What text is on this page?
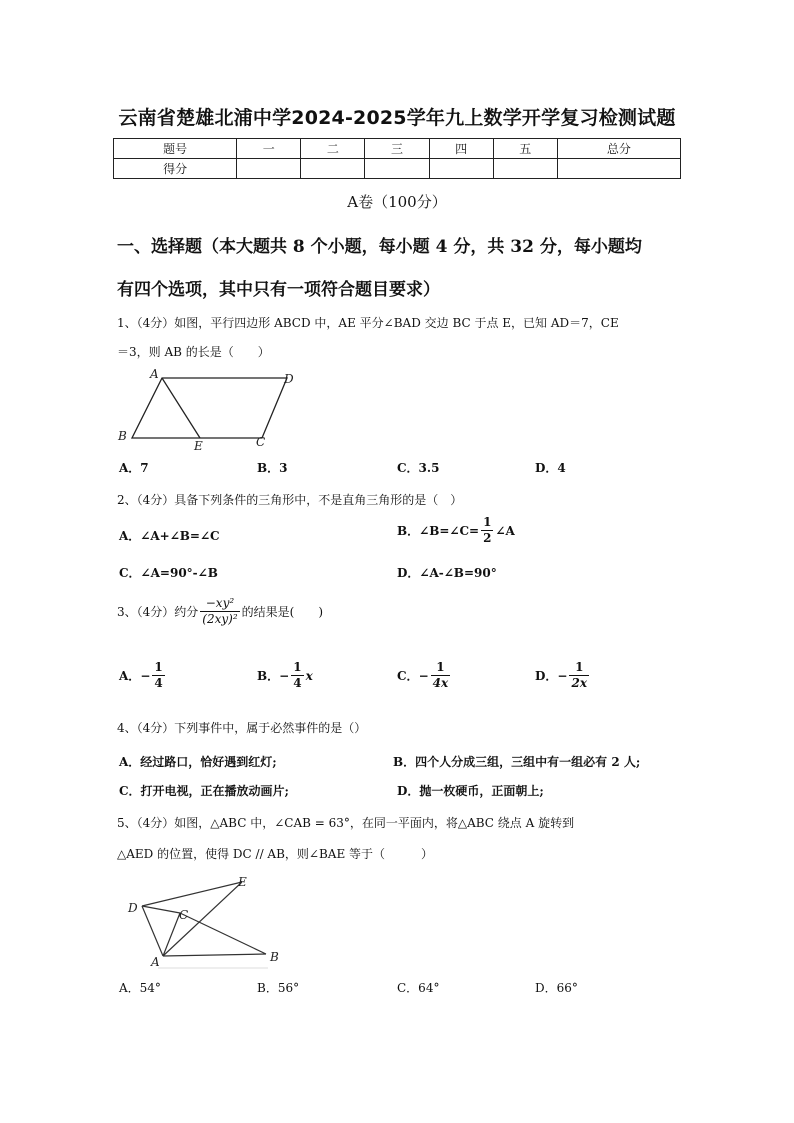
云南省楚雄北浦中学2024-2025学年九上数学开学复习检测试题
题号	一	二	三	四	五	总分
得分						
A卷（100分）
一、选择题（本大题共 8 个小题，每小题 4 分，共 32 分，每小题均
有四个选项，其中只有一项符合题目要求）
1、（4分）如图，平行四边形 ABCD 中，AE 平分∠BAD 交边 BC 于点 E，已知 AD＝7，CE
＝3，则 AB 的长是（　　）
A	D
B
E	C
A．7	B．3	C．3.5	D．4
2、（4分）具备下列条件的三角形中，不是直角三角形的是（　）
A．∠A+∠B=∠C	B．∠B=∠C= $\frac{1}{2}$ ∠A
C．∠A=90°-∠B	D．∠A-∠B=90°
3、（4分）约分 $\frac{\text{−xy²}}{\text{(2xy)²}}$ 的结果是(　　)
A． − $\frac{1}{4}$	B． − $\frac{1}{4}$ x	C． − $\frac{1}{4x}$	D． − $\frac{1}{2x}$
4、（4分）下列事件中，属于必然事件的是（）
A．经过路口，恰好遇到红灯;	B．四个人分成三组，三组中有一组必有 2 人;
C．打开电视，正在播放动画片;	D．抛一枚硬币，正面朝上;
5、（4分）如图，△ABC 中，∠CAB = 63°，在同一平面内，将△ABC 绕点 A 旋转到
△AED 的位置，使得 DC // AB，则∠BAE 等于（　　　）
D
E
C
A	B
A．54°	B．56°	C．64°	D．66°
